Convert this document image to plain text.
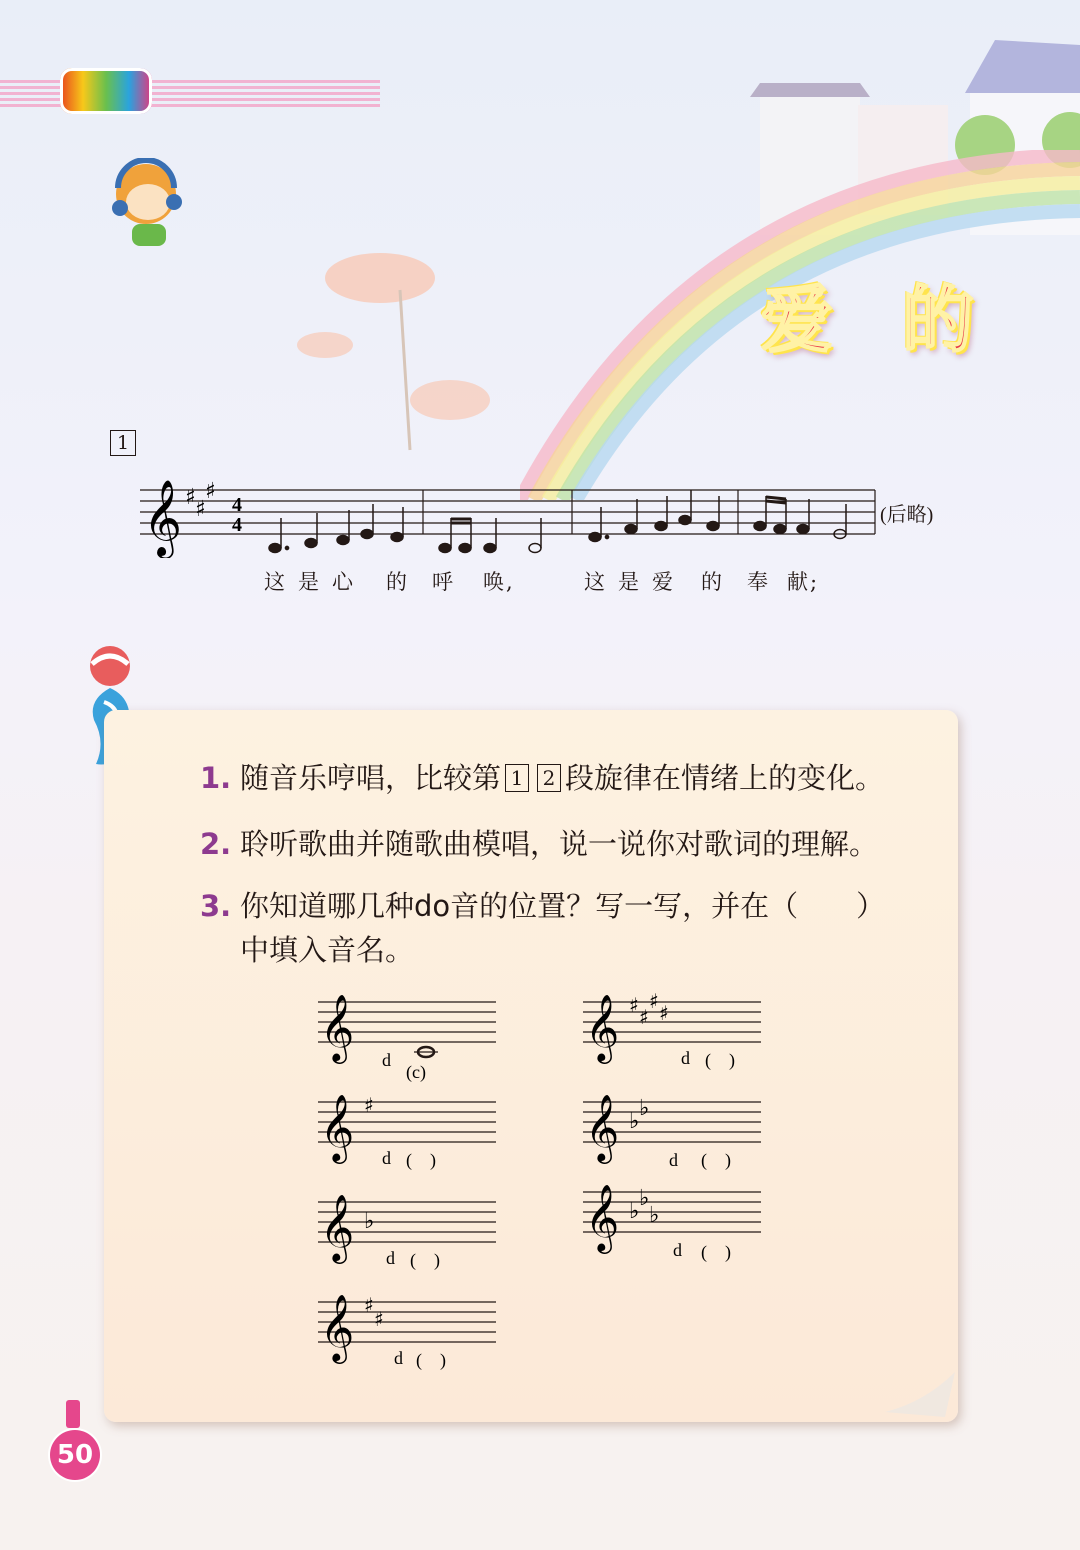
爱 的
1
𝄞 ♯ ♯
♯
4
4	(后略)
这 是 心 的 呼 唤,	这 是 爱 的 奉 献;
1. 随音乐哼唱，比较第 1 2 段旋律在情绪上的变化。
2. 聆听歌曲并随歌曲模唱，说一说你对歌词的理解。
3. 你知道哪几种do音的位置？写一写，并在（　　）
中填入音名。
𝄞 d
(c)
𝄞 ♯ ♯
♯ ♯
d (　)
𝄞 ♯
d (　)	𝄞 ♭
♭
d (　)
𝄞 ♭
d (　)
𝄞 ♭
♭
♭
d (　)
𝄞 ♯
♯
d (　)
50
